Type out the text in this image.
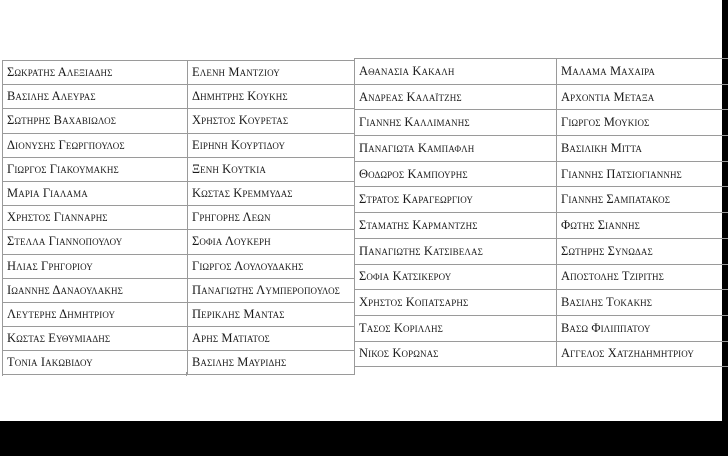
Σωκρατης Αλεξιαδης	Ελενη Μαντζιου
Βασιλης Αλευρας	Δημητρης Κουκης
Σωτηρης Βαχαβιωλος	Χρηστος Κουρετας
Διονυσης Γεωργπουλος	Ειρηνη Κουρτιδου
Γιωργος Γιακουμακης	Ξενη Κουτκια
Μαρια Γιαλαμα	Κωστας Κρεμμυδας
Χρηστος Γιανναρης	Γρηγορης Λεων
Στελλα Γιαννοπουλου	Σοφια Λουκερη
Ηλιας Γρηγοριου	Γιωργος Λουλουδακης
Ιωαννης Δαναουλακης	Παναγιωτης Λυμπεροπουλος
Λευτερης Δημητριου	Περικλης Μαντας
Κωστας Ευθυμιαδης	Αρης Ματιατος
Τονια Ιακωβιδου	Βασιλης Μαυριδης
Αθανασια Κακαλη	Μαλαμα Μαχαιρα
Ανδρεας Καλαϊτζης	Αρχοντια Μεταξα
Γιαννης Καλλιμανης	Γιωργος Μουκιος
Παναγιωτα Καμπαφλη	Βασιλικη Μιττα
Θοδωρος Καμπουρης	Γιαννης Πατσιογιαννης
Στρατος Καραγεωργιου	Γιαννης Σαμπατακος
Σταματης Καρμαντζης	Φωτης Σιαννης
Παναγιωτης Κατσιβελας	Σωτηρης Συνωδας
Σοφια Κατσικερου	Αποστολης Τζιριτης
Χρηστος Κοπατσαρης	Βασιλης Τοκακης
Τασος Κοριλλης	Βασω Φιλιππατου
Νικος Κορωνας	Αγγελος Χατζηδημητριου
